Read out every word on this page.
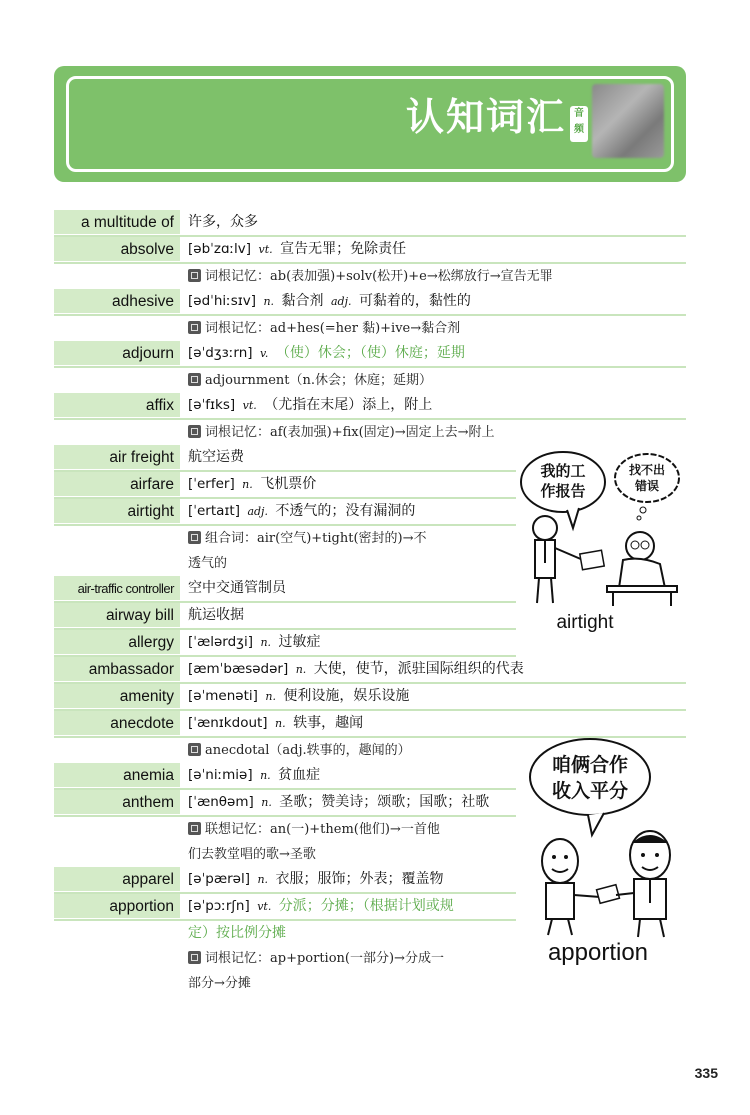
认知词汇 音频
a multitude of	许多，众多
absolve	[əbˈzɑːlv] vt. 宣告无罪；免除责任
词根记忆：ab(表加强)+solv(松开)+e→松绑放行→宣告无罪
adhesive	[ədˈhiːsɪv] n. 黏合剂 adj. 可黏着的，黏性的
词根记忆：ad+hes(=her 黏)+ive→黏合剂
adjourn	[əˈdʒɜːrn] v. （使）休会；（使）休庭；延期
adjournment（n.休会；休庭；延期）
affix	[əˈfɪks] vt. （尤指在末尾）添上，附上
词根记忆：af(表加强)+fix(固定)→固定上去→附上
air freight	航空运费
airfare	[ˈerfer] n. 飞机票价
airtight	[ˈertaɪt] adj. 不透气的；没有漏洞的
组合词：air(空气)+tight(密封的)→不
透气的
air-traffic controller	空中交通管制员
airway bill	航运收据
allergy	[ˈælərdʒi] n. 过敏症
ambassador	[æmˈbæsədər] n. 大使，使节，派驻国际组织的代表
amenity	[əˈmenəti] n. 便利设施，娱乐设施
anecdote	[ˈænɪkdout] n. 轶事，趣闻
anecdotal（adj.轶事的，趣闻的）
anemia	[əˈniːmiə] n. 贫血症
anthem	[ˈænθəm] n. 圣歌；赞美诗；颂歌；国歌；社歌
联想记忆：an(一)+them(他们)→一首他
们去教堂唱的歌→圣歌
apparel	[əˈpærəl] n. 衣服；服饰；外表；覆盖物
apportion	[əˈpɔːrʃn] vt. 分派；分摊；（根据计划或规
定）按比例分摊
词根记忆：ap+portion(一部分)→分成一
部分→分摊
我的工
作报告
找不出
错误
airtight
咱俩合作
收入平分
apportion
335
